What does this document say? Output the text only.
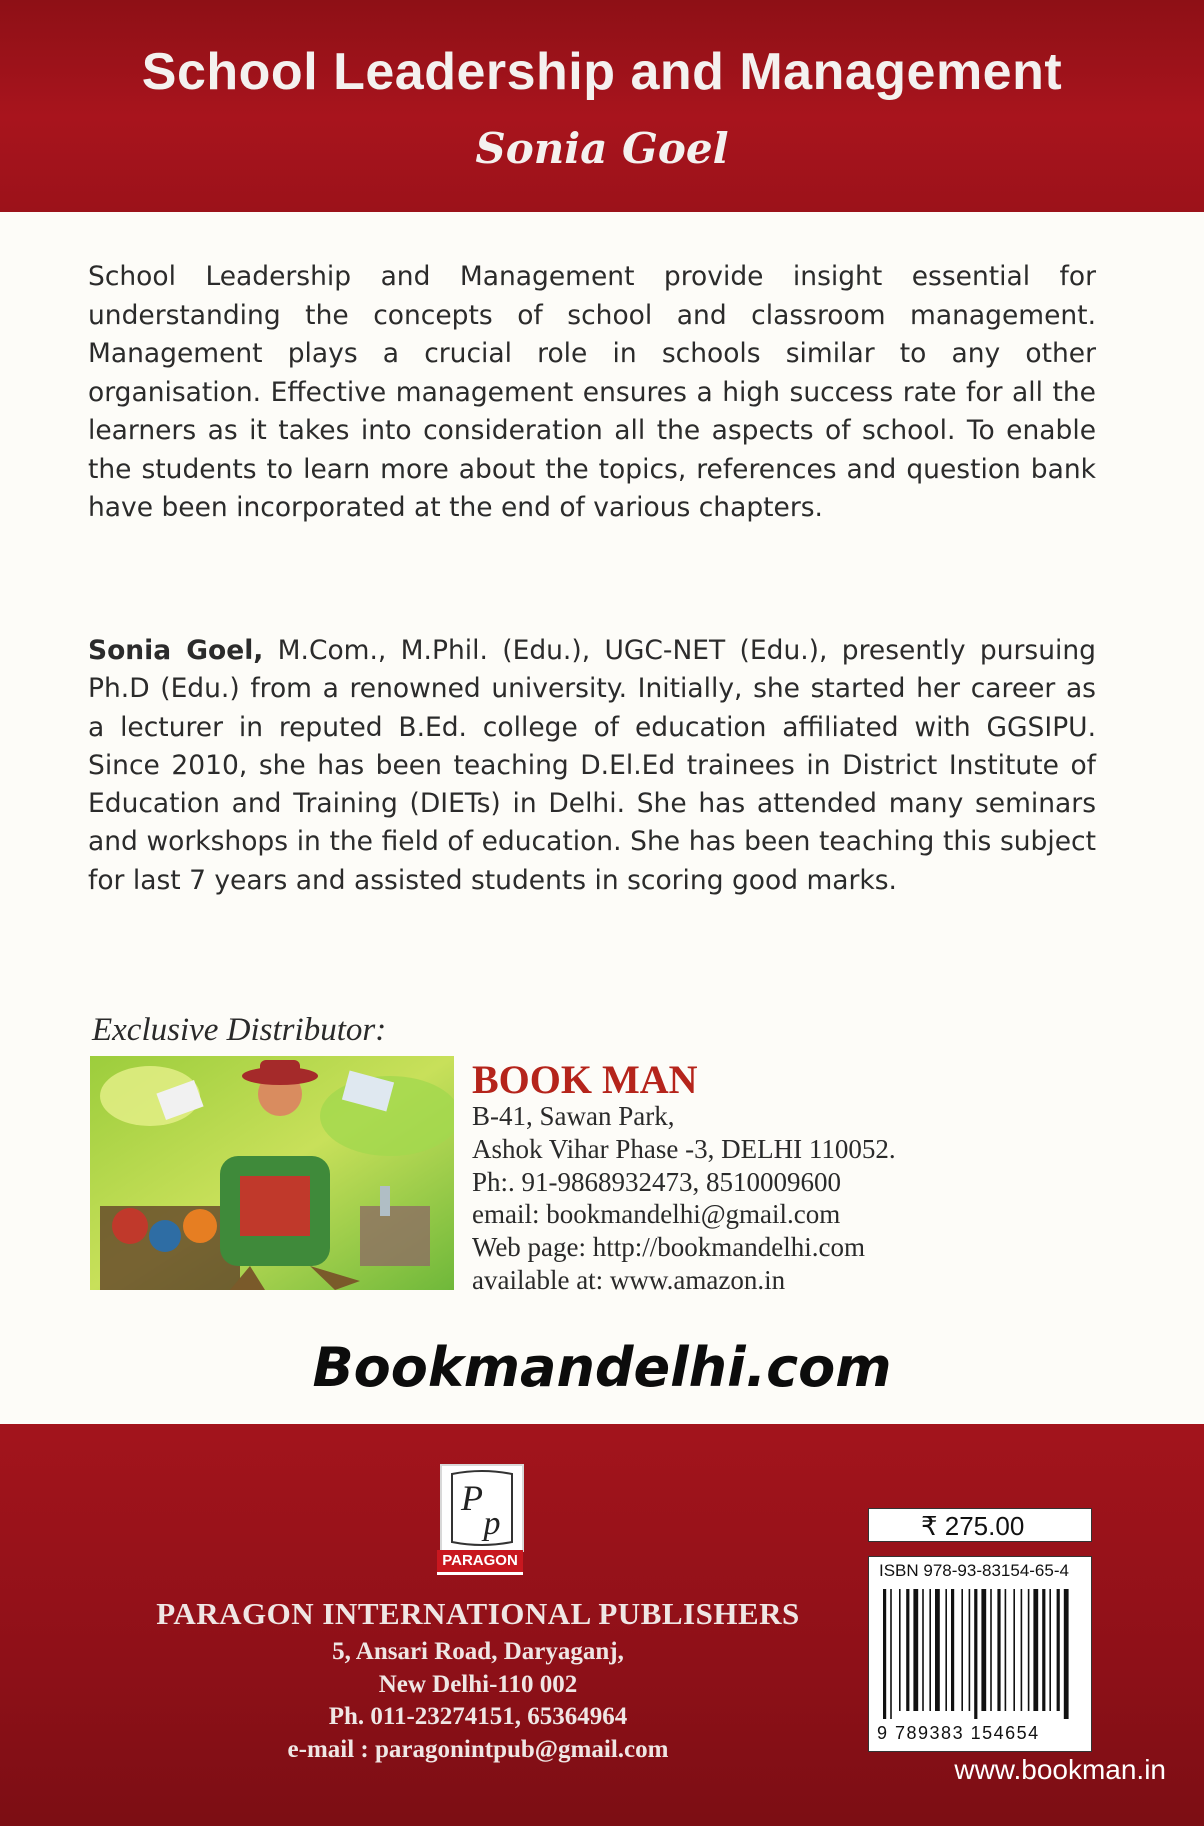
School Leadership and Management
Sonia Goel

School Leadership and Management provide insight essential for understanding the concepts of school and classroom management. Management plays a crucial role in schools similar to any other organisation. Effective management ensures a high success rate for all the learners as it takes into consideration all the aspects of school. To enable the students to learn more about the topics, references and question bank have been incorporated at the end of various chapters.

Sonia Goel, M.Com., M.Phil. (Edu.), UGC-NET (Edu.), presently pursuing Ph.D (Edu.) from a renowned university. Initially, she started her career as a lecturer in reputed B.Ed. college of education affiliated with GGSIPU. Since 2010, she has been teaching D.El.Ed trainees in District Institute of Education and Training (DIETs) in Delhi. She has attended many seminars and workshops in the field of education. She has been teaching this subject for last 7 years and assisted students in scoring good marks.

Exclusive Distributor:
BOOK MAN
B-41, Sawan Park,
Ashok Vihar Phase -3, DELHI 110052.
Ph:. 91-9868932473, 8510009600
email: bookmandelhi@gmail.com
Web page: http://bookmandelhi.com
available at: www.amazon.in
Bookmandelhi.com
P
p
PARAGON
PARAGON INTERNATIONAL PUBLISHERS
5, Ansari Road, Daryaganj,
New Delhi-110 002
Ph. 011-23274151, 65364964
e-mail : paragonintpub@gmail.com
₹ 275.00
ISBN 978-93-83154-65-4
9 789383 154654
www.bookman.in
